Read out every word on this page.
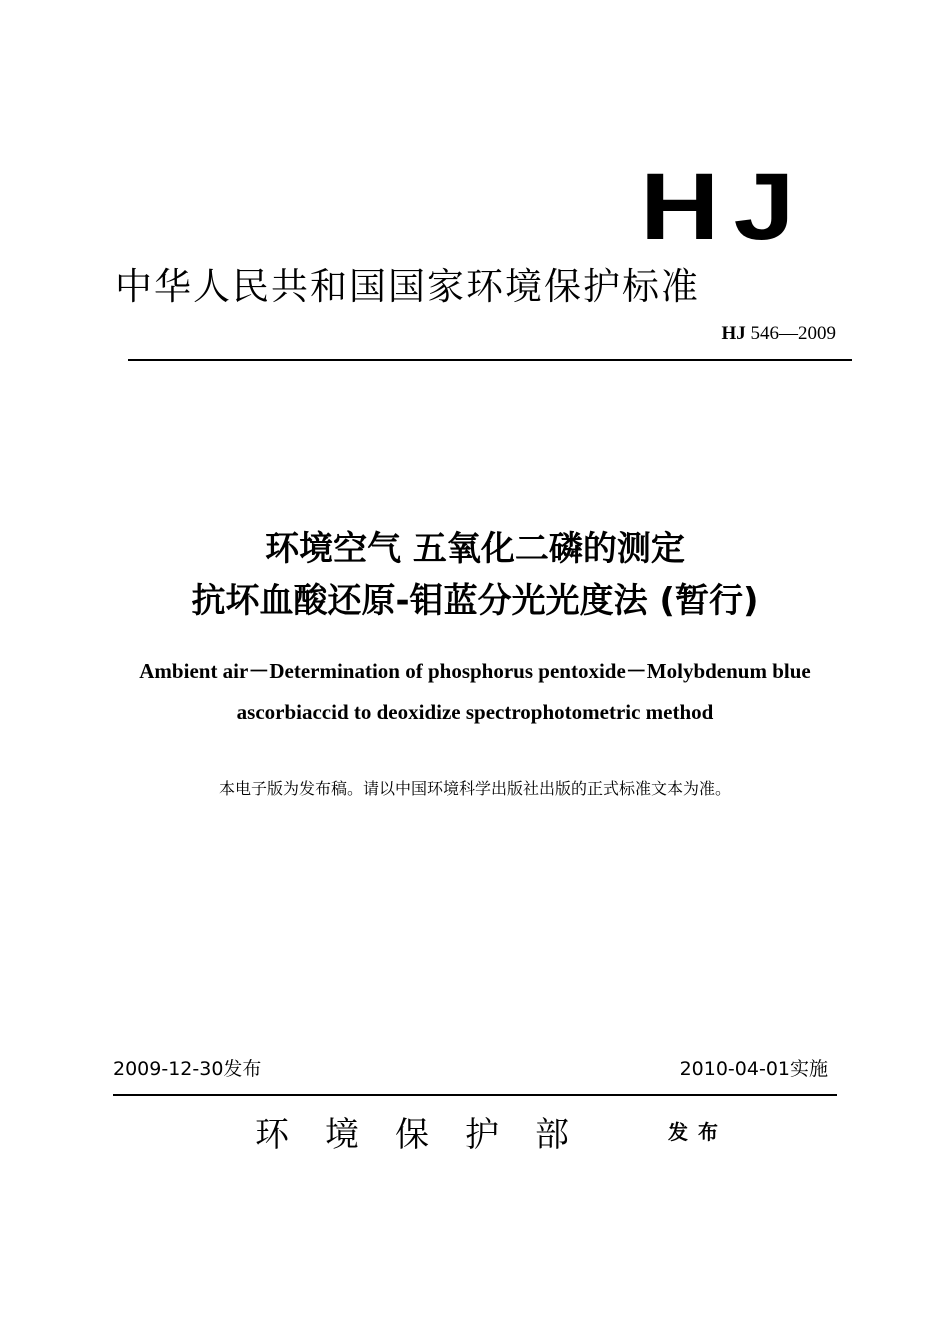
HJ
中华人民共和国国家环境保护标准
HJ 546—2009
环境空气 五氧化二磷的测定
抗坏血酸还原-钼蓝分光光度法 (暂行)
Ambient air－Determination of phosphorus pentoxide－Molybdenum blue
ascorbiaccid to deoxidize spectrophotometric method
本电子版为发布稿。请以中国环境科学出版社出版的正式标准文本为准。
2009-12-30发布	2010-04-01实施
环境保护部	发布
